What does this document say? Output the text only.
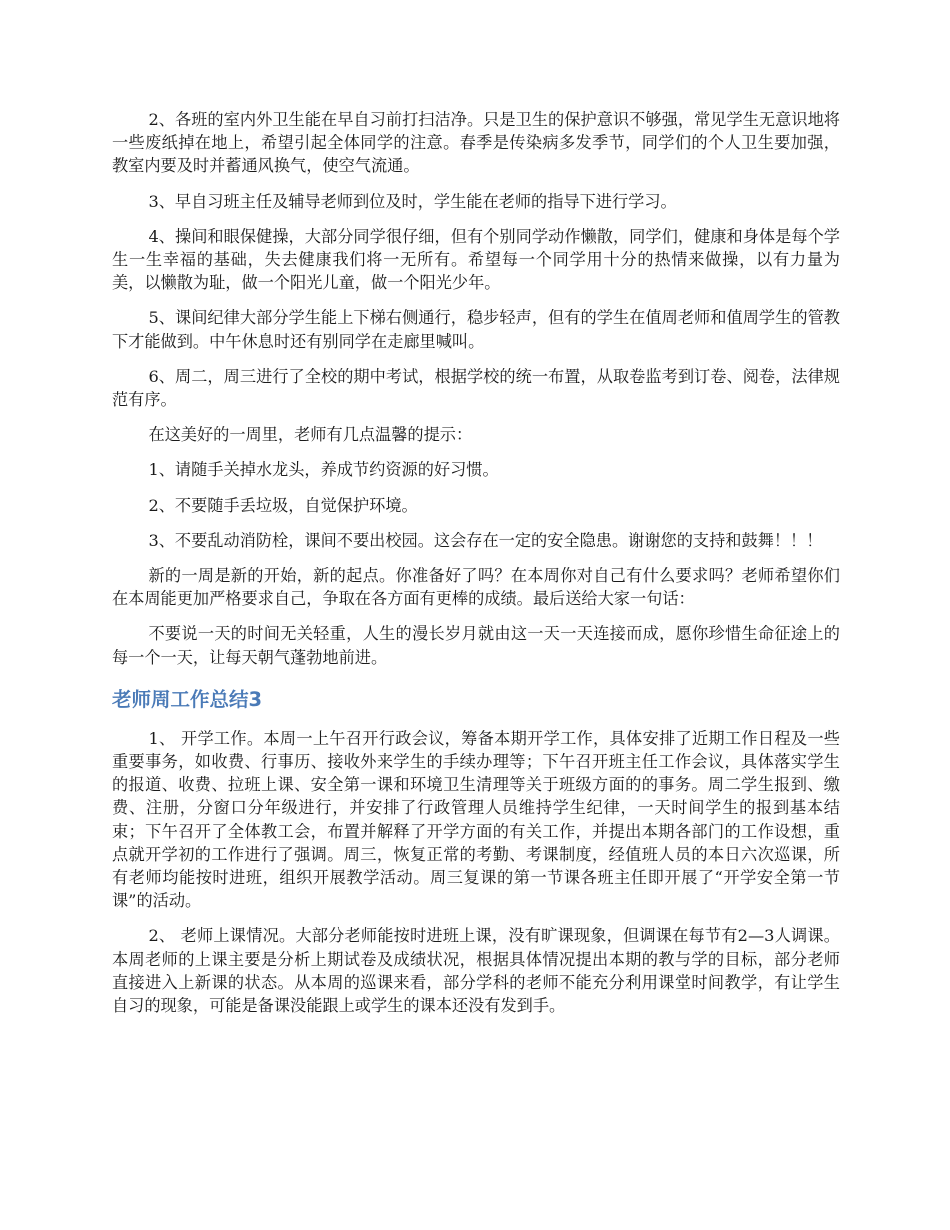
2、各班的室内外卫生能在早自习前打扫洁净。只是卫生的保护意识不够强，常见学生无意识地将一些废纸掉在地上，希望引起全体同学的注意。春季是传染病多发季节，同学们的个人卫生要加强，教室内要及时并蓄通风换气，使空气流通。

3、早自习班主任及辅导老师到位及时，学生能在老师的指导下进行学习。

4、操间和眼保健操，大部分同学很仔细，但有个别同学动作懒散，同学们，健康和身体是每个学生一生幸福的基础，失去健康我们将一无所有。希望每一个同学用十分的热情来做操，以有力量为美，以懒散为耻，做一个阳光儿童，做一个阳光少年。

5、课间纪律大部分学生能上下梯右侧通行，稳步轻声，但有的学生在值周老师和值周学生的管教下才能做到。中午休息时还有别同学在走廊里喊叫。

6、周二，周三进行了全校的期中考试，根据学校的统一布置，从取卷监考到订卷、阅卷，法律规范有序。

在这美好的一周里，老师有几点温馨的提示：

1、请随手关掉水龙头，养成节约资源的好习惯。

2、不要随手丢垃圾，自觉保护环境。

3、不要乱动消防栓，课间不要出校园。这会存在一定的安全隐患。谢谢您的支持和鼓舞！！！

新的一周是新的开始，新的起点。你准备好了吗？在本周你对自己有什么要求吗？老师希望你们在本周能更加严格要求自己，争取在各方面有更棒的成绩。最后送给大家一句话：

不要说一天的时间无关轻重，人生的漫长岁月就由这一天一天连接而成，愿你珍惜生命征途上的每一个一天，让每天朝气蓬勃地前进。

老师周工作总结3

1、 开学工作。本周一上午召开行政会议，筹备本期开学工作，具体安排了近期工作日程及一些重要事务，如收费、行事历、接收外来学生的手续办理等；下午召开班主任工作会议，具体落实学生的报道、收费、拉班上课、安全第一课和环境卫生清理等关于班级方面的的事务。周二学生报到、缴费、注册，分窗口分年级进行，并安排了行政管理人员维持学生纪律，一天时间学生的报到基本结束；下午召开了全体教工会，布置并解释了开学方面的有关工作，并提出本期各部门的工作设想，重点就开学初的工作进行了强调。周三，恢复正常的考勤、考课制度，经值班人员的本日六次巡课，所有老师均能按时进班，组织开展教学活动。周三复课的第一节课各班主任即开展了“开学安全第一节课”的活动。

2、 老师上课情况。大部分老师能按时进班上课，没有旷课现象，但调课在每节有2—3人调课。本周老师的上课主要是分析上期试卷及成绩状况，根据具体情况提出本期的教与学的目标，部分老师直接进入上新课的状态。从本周的巡课来看，部分学科的老师不能充分利用课堂时间教学，有让学生自习的现象，可能是备课没能跟上或学生的课本还没有发到手。
